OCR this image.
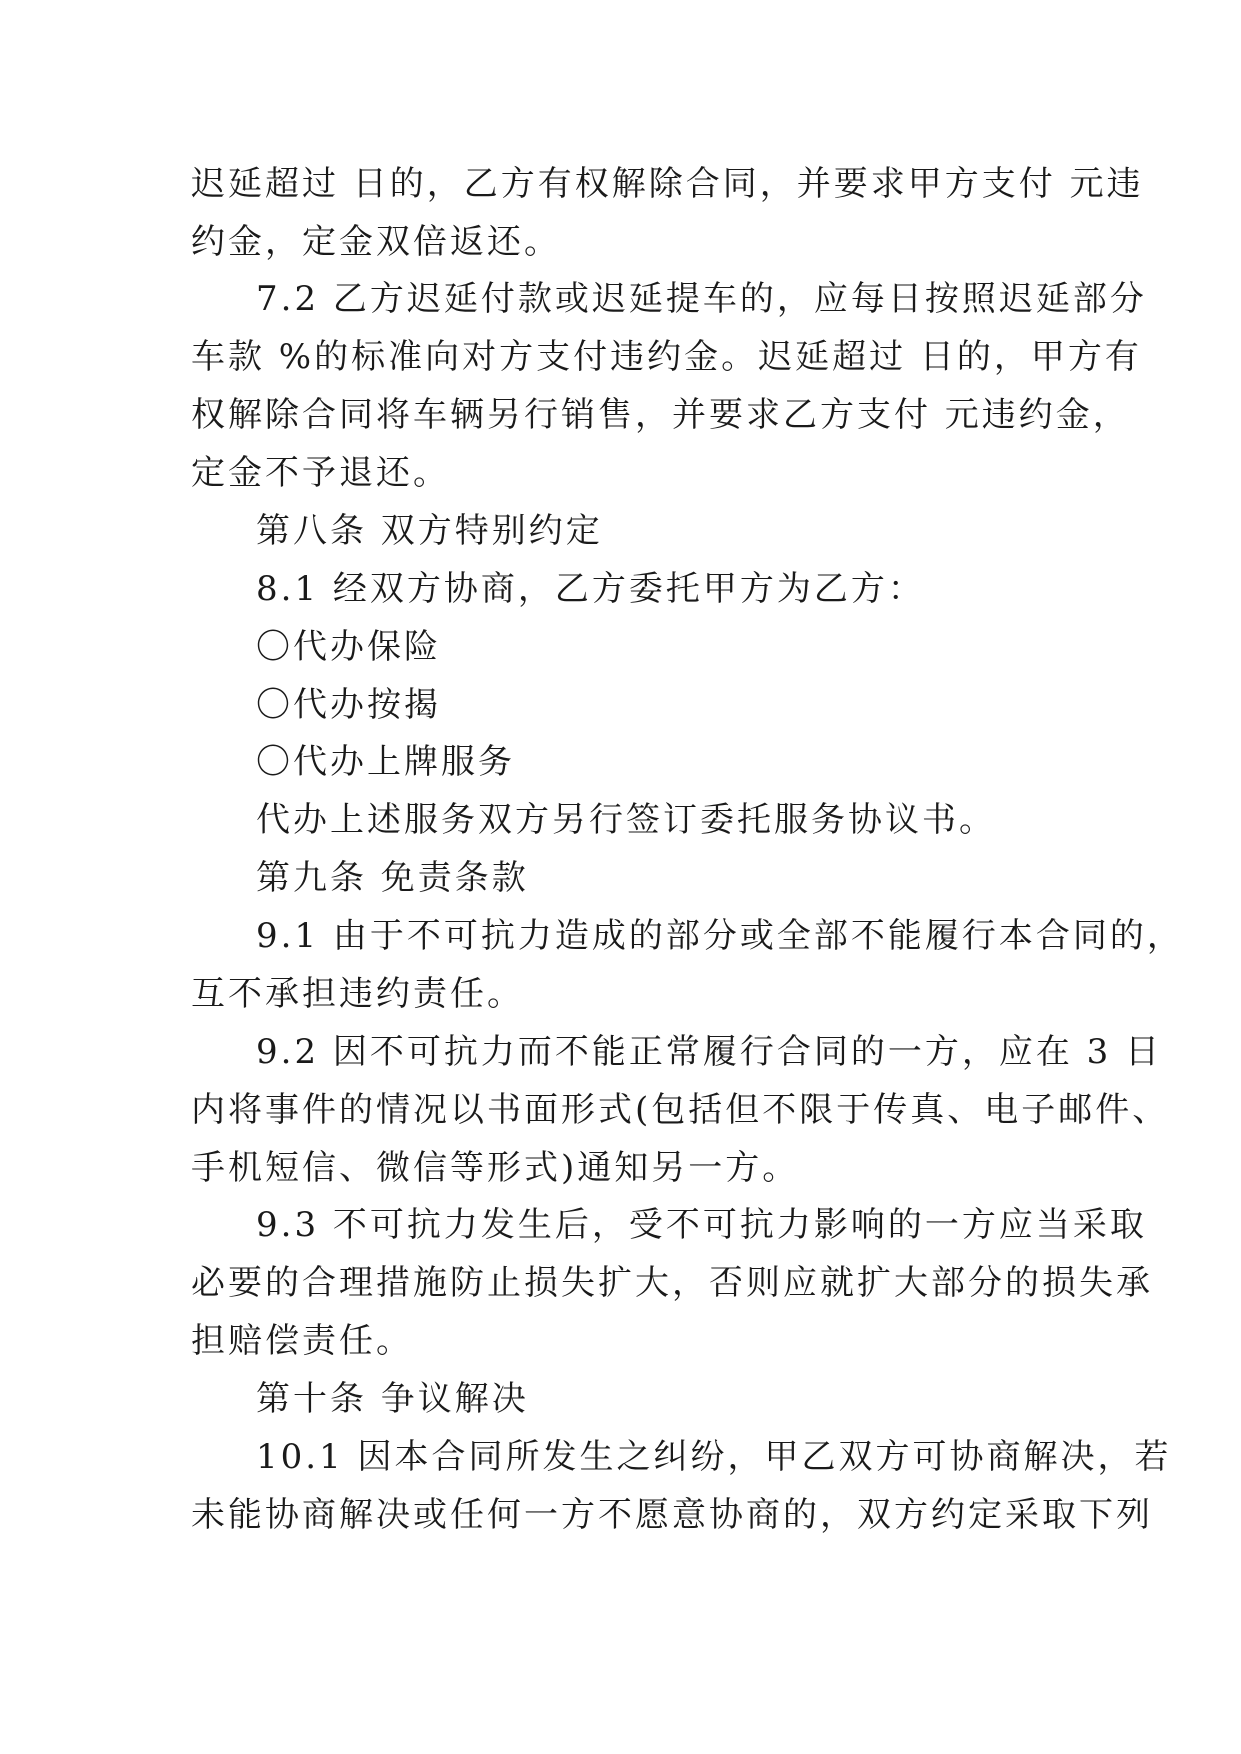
迟延超过 日的，乙方有权解除合同，并要求甲方支付 元违
约金，定金双倍返还。
7.2 乙方迟延付款或迟延提车的，应每日按照迟延部分
车款 %的标准向对方支付违约金。迟延超过 日的，甲方有
权解除合同将车辆另行销售，并要求乙方支付 元违约金，
定金不予退还。
第八条 双方特别约定
8.1 经双方协商，乙方委托甲方为乙方：
〇代办保险
〇代办按揭
〇代办上牌服务
代办上述服务双方另行签订委托服务协议书。
第九条 免责条款
9.1 由于不可抗力造成的部分或全部不能履行本合同的，
互不承担违约责任。
9.2 因不可抗力而不能正常履行合同的一方，应在 3 日
内将事件的情况以书面形式(包括但不限于传真、电子邮件、
手机短信、微信等形式)通知另一方。
9.3 不可抗力发生后，受不可抗力影响的一方应当采取
必要的合理措施防止损失扩大，否则应就扩大部分的损失承
担赔偿责任。
第十条 争议解决
10.1 因本合同所发生之纠纷，甲乙双方可协商解决，若
未能协商解决或任何一方不愿意协商的，双方约定采取下列
